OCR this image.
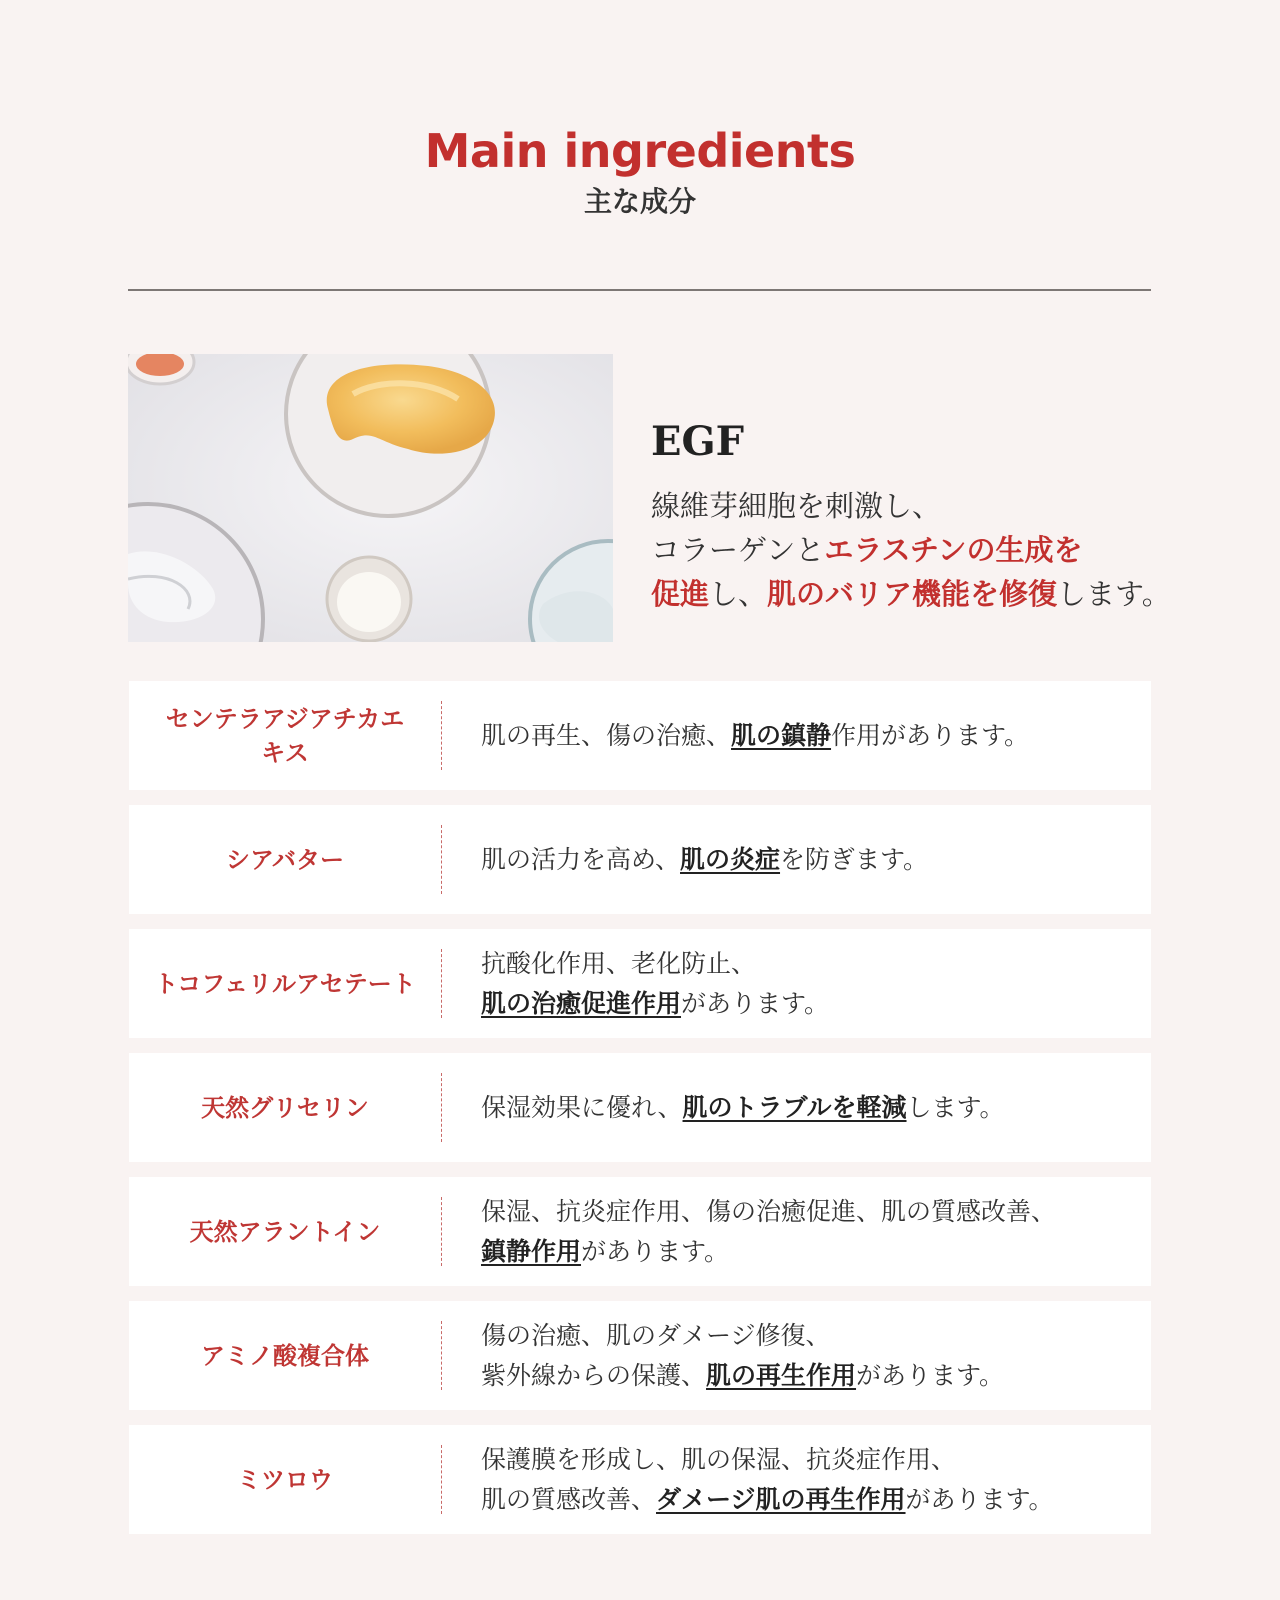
Main ingredients
主な成分
EGF
線維芽細胞を刺激し、
コラーゲンとエラスチンの生成を
促進し、肌のバリア機能を修復します。
センテラアジアチカエキス
肌の再生、傷の治癒、肌の鎮静作用があります。
シアバター	肌の活力を高め、肌の炎症を防ぎます。
トコフェリルアセテート
抗酸化作用、老化防止、
肌の治癒促進作用があります。
天然グリセリン	保湿効果に優れ、肌のトラブルを軽減します。
天然アラントイン
保湿、抗炎症作用、傷の治癒促進、肌の質感改善、
鎮静作用があります。
アミノ酸複合体
傷の治癒、肌のダメージ修復、
紫外線からの保護、肌の再生作用があります。
ミツロウ
保護膜を形成し、肌の保湿、抗炎症作用、
肌の質感改善、ダメージ肌の再生作用があります。
